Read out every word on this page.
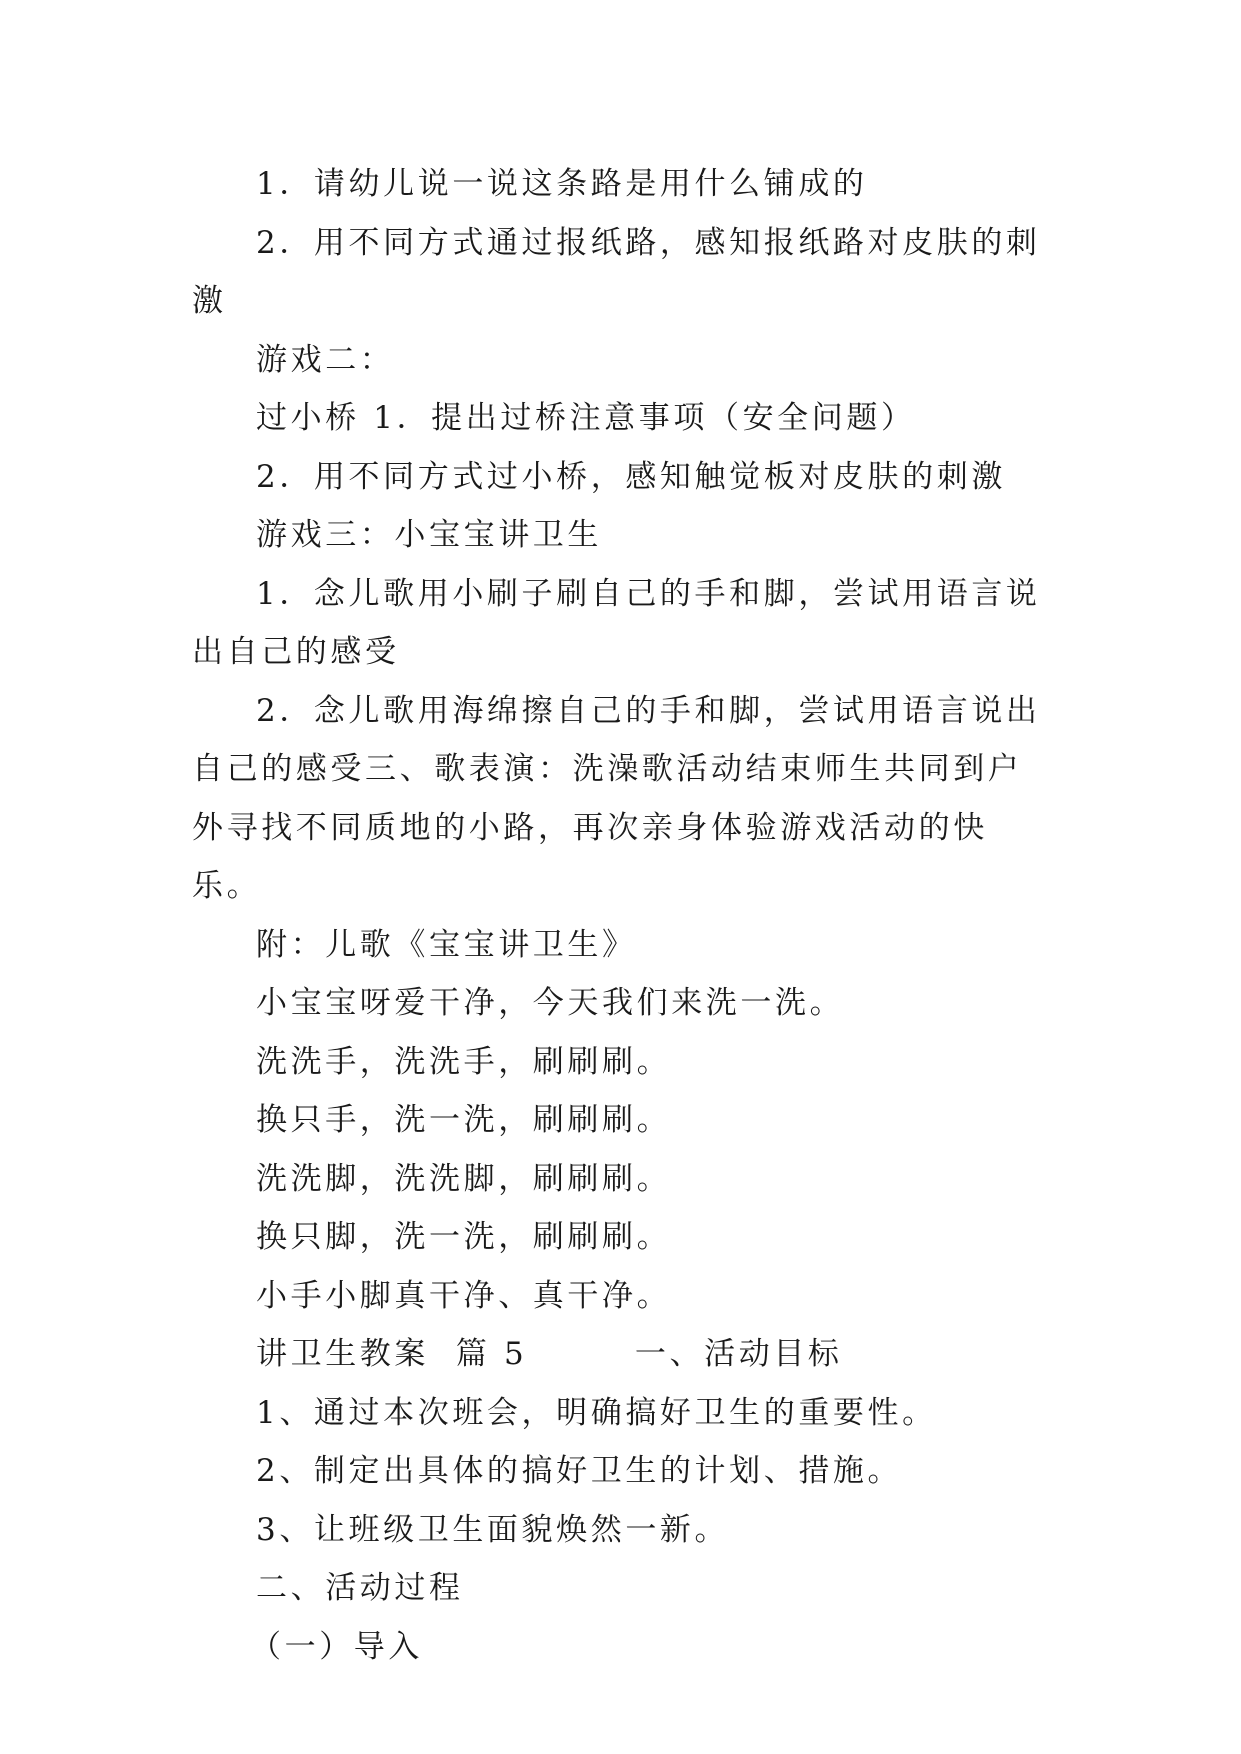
1．请幼儿说一说这条路是用什么铺成的

2．用不同方式通过报纸路，感知报纸路对皮肤的刺激

游戏二：

过小桥 1．提出过桥注意事项（安全问题）

2．用不同方式过小桥，感知触觉板对皮肤的刺激

游戏三：小宝宝讲卫生

1．念儿歌用小刷子刷自己的手和脚，尝试用语言说出自己的感受

2．念儿歌用海绵擦自己的手和脚，尝试用语言说出自己的感受三、歌表演：洗澡歌活动结束师生共同到户外寻找不同质地的小路，再次亲身体验游戏活动的快乐。

附：儿歌《宝宝讲卫生》

小宝宝呀爱干净，今天我们来洗一洗。

洗洗手，洗洗手，刷刷刷。

换只手，洗一洗，刷刷刷。

洗洗脚，洗洗脚，刷刷刷。

换只脚，洗一洗，刷刷刷。

小手小脚真干净、真干净。

讲卫生教案  篇 5        一、活动目标

1、通过本次班会，明确搞好卫生的重要性。

2、制定出具体的搞好卫生的计划、措施。

3、让班级卫生面貌焕然一新。

二、活动过程

（一）导入
